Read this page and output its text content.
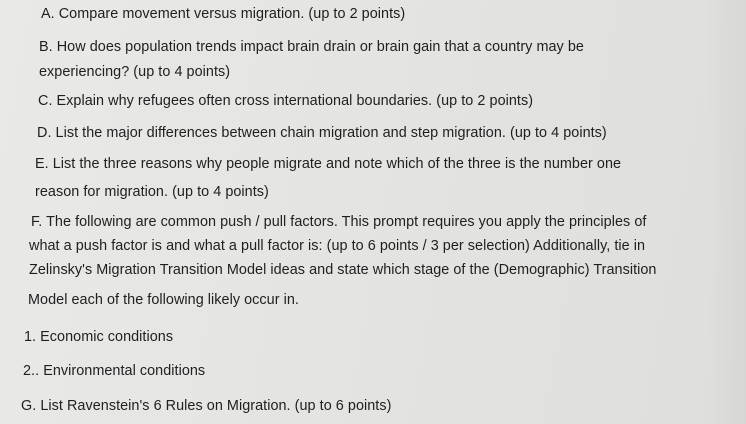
A. Compare movement versus migration. (up to 2 points)
B. How does population trends impact brain drain or brain gain that a country may be
experiencing? (up to 4 points)
C. Explain why refugees often cross international boundaries. (up to 2 points)
D. List the major differences between chain migration and step migration. (up to 4 points)
E. List the three reasons why people migrate and note which of the three is the number one
reason for migration. (up to 4 points)
F. The following are common push / pull factors. This prompt requires you apply the principles of
what a push factor is and what a pull factor is: (up to 6 points / 3 per selection) Additionally, tie in
Zelinsky's Migration Transition Model ideas and state which stage of the (Demographic) Transition
Model each of the following likely occur in.
1. Economic conditions
2.. Environmental conditions
G. List Ravenstein's 6 Rules on Migration. (up to 6 points)
